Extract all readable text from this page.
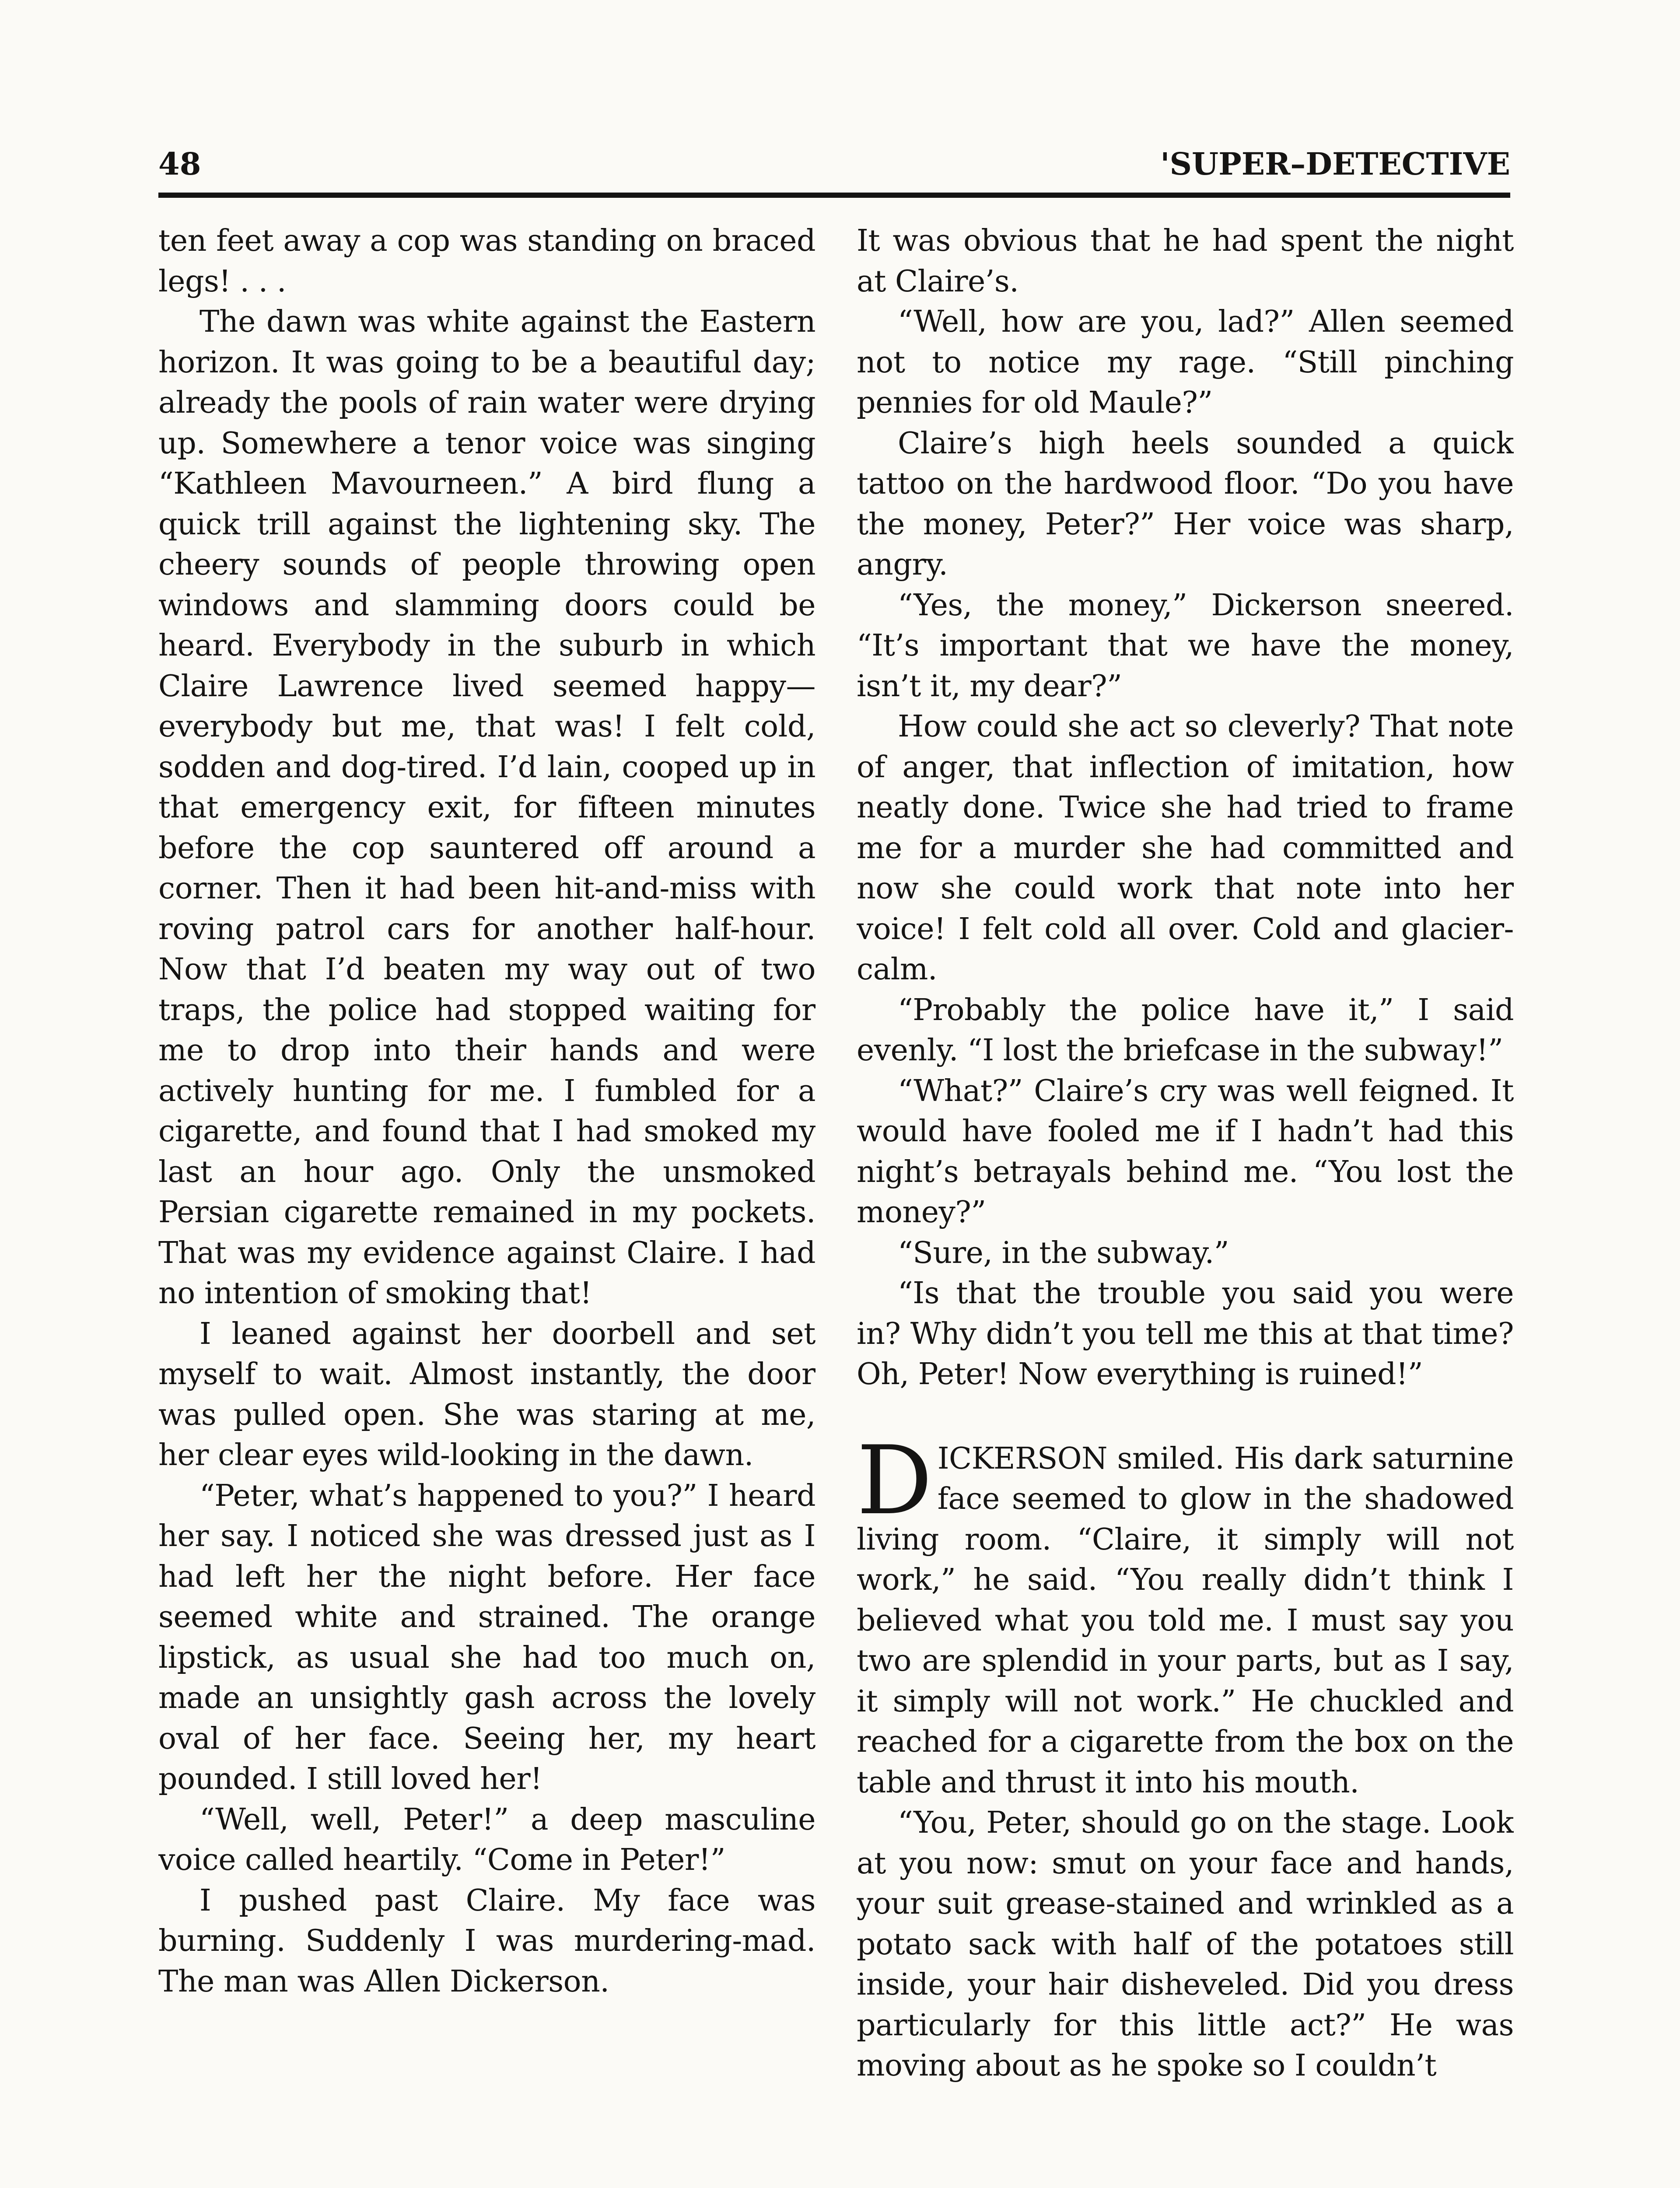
48	'SUPER–DETECTIVE

ten feet away a cop was standing on braced legs! . . .

The dawn was white against the Eastern horizon. It was going to be a beautiful day; already the pools of rain water were drying up. Somewhere a tenor voice was singing “Kathleen Mavourneen.” A bird flung a quick trill against the lightening sky. The cheery sounds of people throwing open windows and slamming doors could be heard. Everybody in the suburb in which Claire Lawrence lived seemed happy—everybody but me, that was! I felt cold, sodden and dog-tired. I’d lain, cooped up in that emergency exit, for fifteen minutes before the cop sauntered off around a corner. Then it had been hit-and-miss with roving patrol cars for another half-hour. Now that I’d beaten my way out of two traps, the police had stopped waiting for me to drop into their hands and were actively hunting for me. I fumbled for a cigarette, and found that I had smoked my last an hour ago. Only the unsmoked Persian cigarette remained in my pockets. That was my evidence against Claire. I had no intention of smoking that!

I leaned against her doorbell and set myself to wait. Almost instantly, the door was pulled open. She was staring at me, her clear eyes wild-looking in the dawn.

“Peter, what’s happened to you?” I heard her say. I noticed she was dressed just as I had left her the night before. Her face seemed white and strained. The orange lipstick, as usual she had too much on, made an unsightly gash across the lovely oval of her face. Seeing her, my heart pounded. I still loved her!

“Well, well, Peter!” a deep masculine voice called heartily. “Come in Peter!”

I pushed past Claire. My face was burning. Suddenly I was murdering-mad. The man was Allen Dickerson.

It was obvious that he had spent the night at Claire’s.

“Well, how are you, lad?” Allen seemed not to notice my rage. “Still pinching pennies for old Maule?”

Claire’s high heels sounded a quick tattoo on the hardwood floor. “Do you have the money, Peter?” Her voice was sharp, angry.

“Yes, the money,” Dickerson sneered. “It’s important that we have the money, isn’t it, my dear?”

How could she act so cleverly? That note of anger, that inflection of imitation, how neatly done. Twice she had tried to frame me for a murder she had committed and now she could work that note into her voice! I felt cold all over. Cold and glacier-calm.

“Probably the police have it,” I said evenly. “I lost the briefcase in the subway!”

“What?” Claire’s cry was well feigned. It would have fooled me if I hadn’t had this night’s betrayals behind me. “You lost the money?”

“Sure, in the subway.”

“Is that the trouble you said you were in? Why didn’t you tell me this at that time? Oh, Peter! Now everything is ruined!”

DICKERSON smiled. His dark saturnine face seemed to glow in the shadowed living room. “Claire, it simply will not work,” he said. “You really didn’t think I believed what you told me. I must say you two are splendid in your parts, but as I say, it simply will not work.” He chuckled and reached for a cigarette from the box on the table and thrust it into his mouth.

“You, Peter, should go on the stage. Look at you now: smut on your face and hands, your suit grease-stained and wrinkled as a potato sack with half of the potatoes still inside, your hair disheveled. Did you dress particularly for this little act?” He was moving about as he spoke so I couldn’t
